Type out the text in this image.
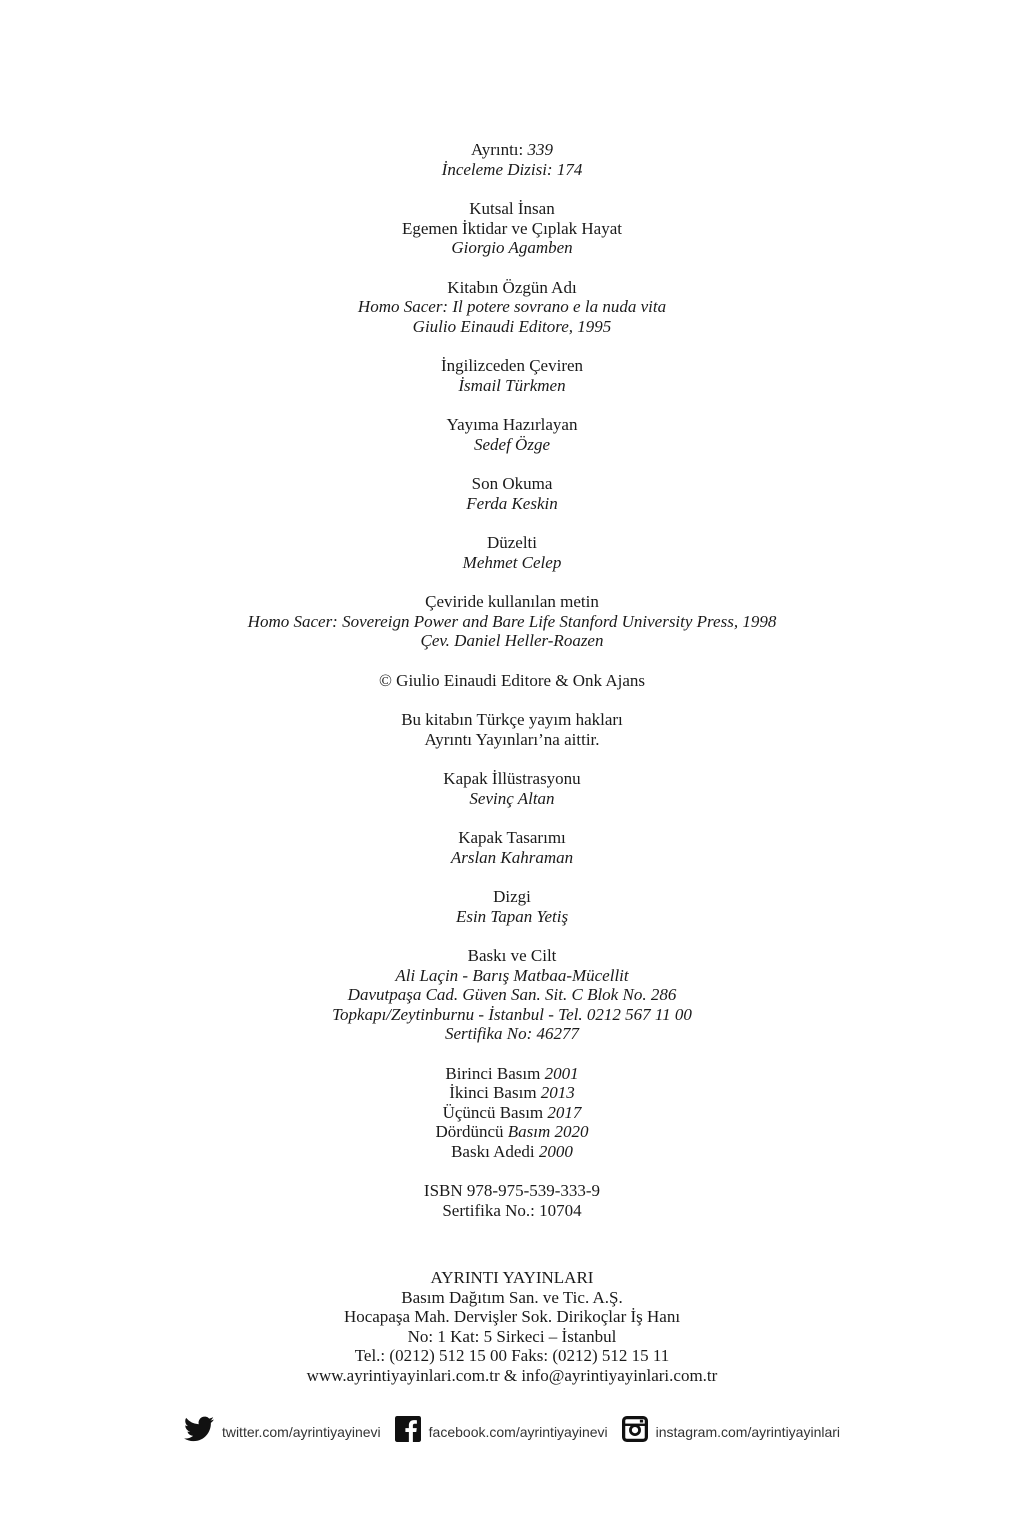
Ayrıntı: 339
İnceleme Dizisi: 174
Kutsal İnsan
Egemen İktidar ve Çıplak Hayat
Giorgio Agamben
Kitabın Özgün Adı
Homo Sacer: Il potere sovrano e la nuda vita
Giulio Einaudi Editore, 1995
İngilizceden Çeviren
İsmail Türkmen
Yayıma Hazırlayan
Sedef Özge
Son Okuma
Ferda Keskin
Düzelti
Mehmet Celep
Çeviride kullanılan metin
Homo Sacer: Sovereign Power and Bare Life Stanford University Press, 1998
Çev. Daniel Heller-Roazen
© Giulio Einaudi Editore & Onk Ajans
Bu kitabın Türkçe yayım hakları
Ayrıntı Yayınları’na aittir.
Kapak İllüstrasyonu
Sevinç Altan
Kapak Tasarımı
Arslan Kahraman
Dizgi
Esin Tapan Yetiş
Baskı ve Cilt
Ali Laçin - Barış Matbaa-Mücellit
Davutpaşa Cad. Güven San. Sit. C Blok No. 286
Topkapı/Zeytinburnu - İstanbul - Tel. 0212 567 11 00
Sertifika No: 46277
Birinci Basım 2001
İkinci Basım 2013
Üçüncü Basım 2017
Dördüncü Basım 2020
Baskı Adedi 2000
ISBN 978-975-539-333-9
Sertifika No.: 10704
AYRINTI YAYINLARI
Basım Dağıtım San. ve Tic. A.Ş.
Hocapaşa Mah. Dervişler Sok. Dirikoçlar İş Hanı
No: 1 Kat: 5 Sirkeci – İstanbul
Tel.: (0212) 512 15 00 Faks: (0212) 512 15 11
www.ayrintiyayinlari.com.tr & info@ayrintiyayinlari.com.tr
twitter.com/ayrintiyayinevi	facebook.com/ayrintiyayinevi	instagram.com/ayrintiyayinlari
